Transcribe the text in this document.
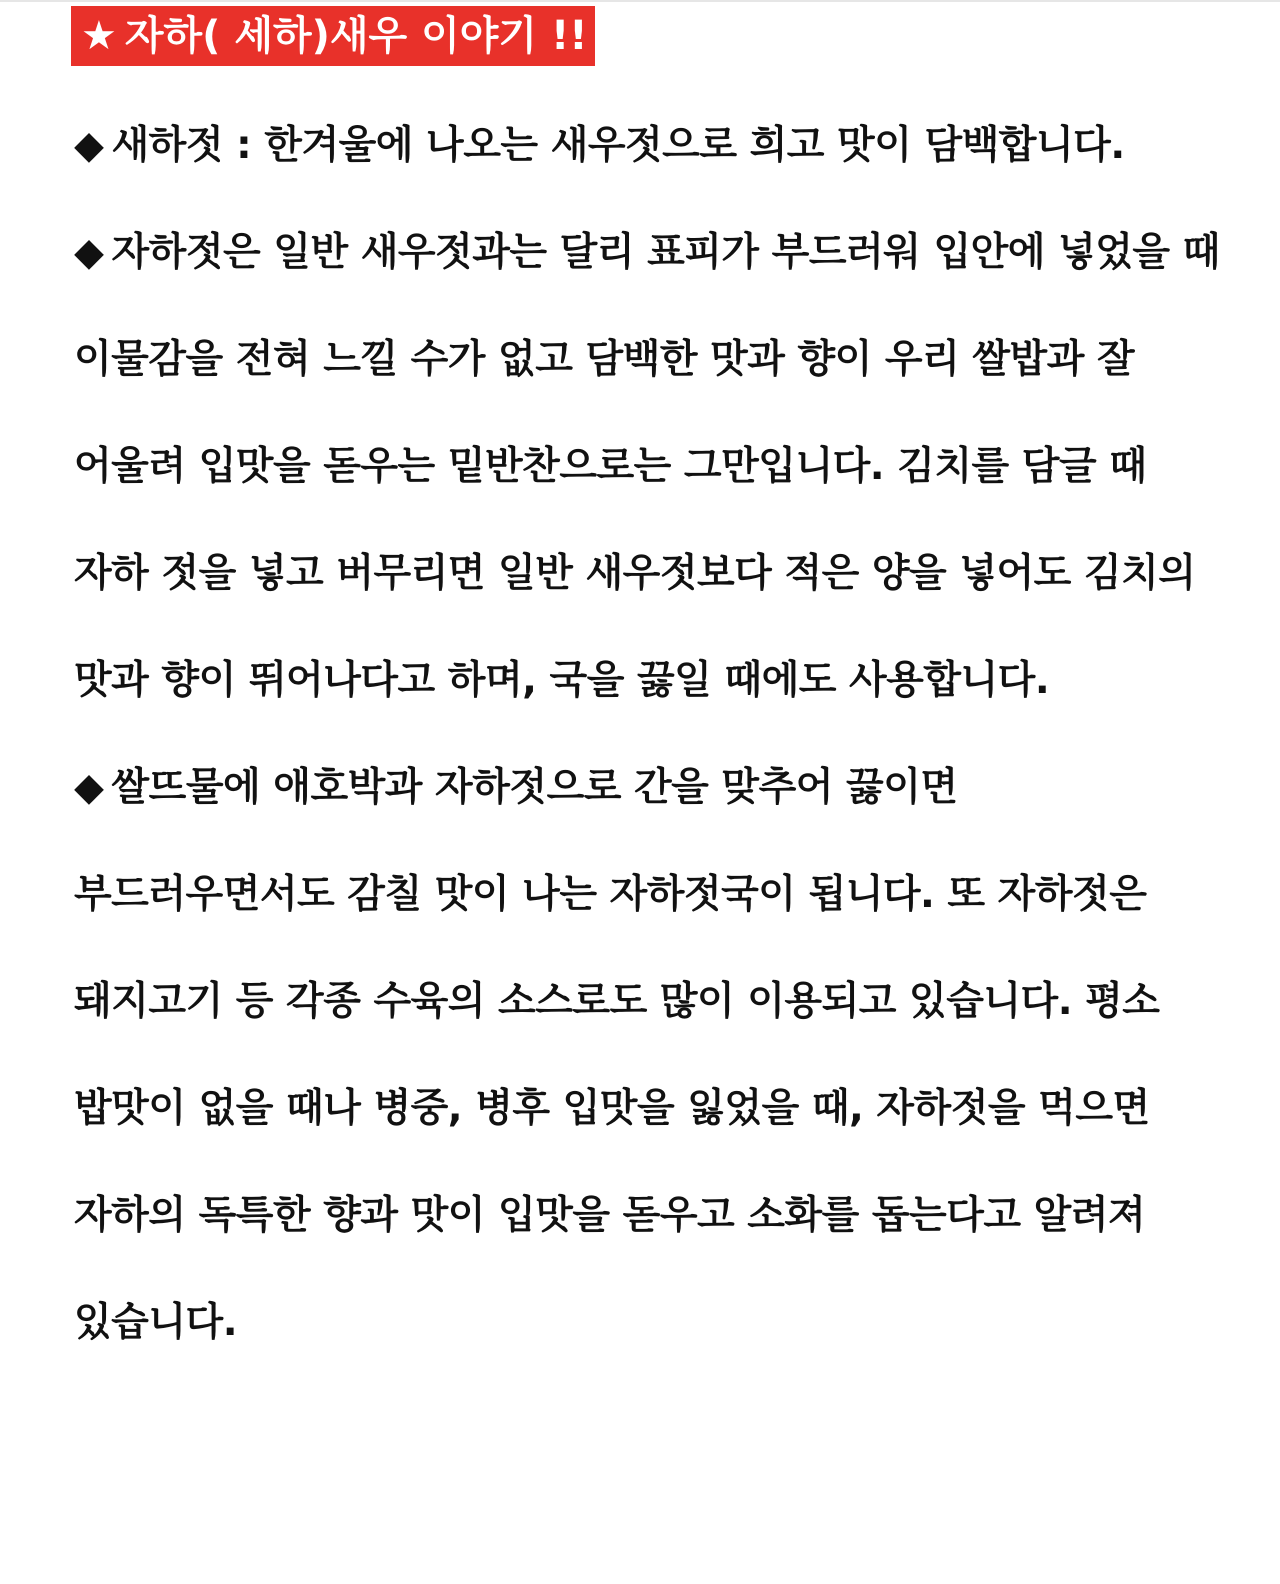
★ 자하( 세하)새우 이야기 !!

◆ 새하젓 : 한겨울에 나오는 새우젓으로 희고 맛이 담백합니다.

◆ 자하젓은 일반 새우젓과는 달리 표피가 부드러워 입안에 넣었을 때 이물감을 전혀 느낄 수가 없고 담백한 맛과 향이 우리 쌀밥과 잘 어울려 입맛을 돋우는 밑반찬으로는 그만입니다. 김치를 담글 때 자하 젓을 넣고 버무리면 일반 새우젓보다 적은 양을 넣어도 김치의 맛과 향이 뛰어나다고 하며, 국을 끓일 때에도 사용합니다.

◆ 쌀뜨물에 애호박과 자하젓으로 간을 맞추어 끓이면 부드러우면서도 감칠 맛이 나는 자하젓국이 됩니다. 또 자하젓은 돼지고기 등 각종 수육의 소스로도 많이 이용되고 있습니다. 평소 밥맛이 없을 때나 병중, 병후 입맛을 잃었을 때, 자하젓을 먹으면 자하의 독특한 향과 맛이 입맛을 돋우고 소화를 돕는다고 알려져 있습니다.
